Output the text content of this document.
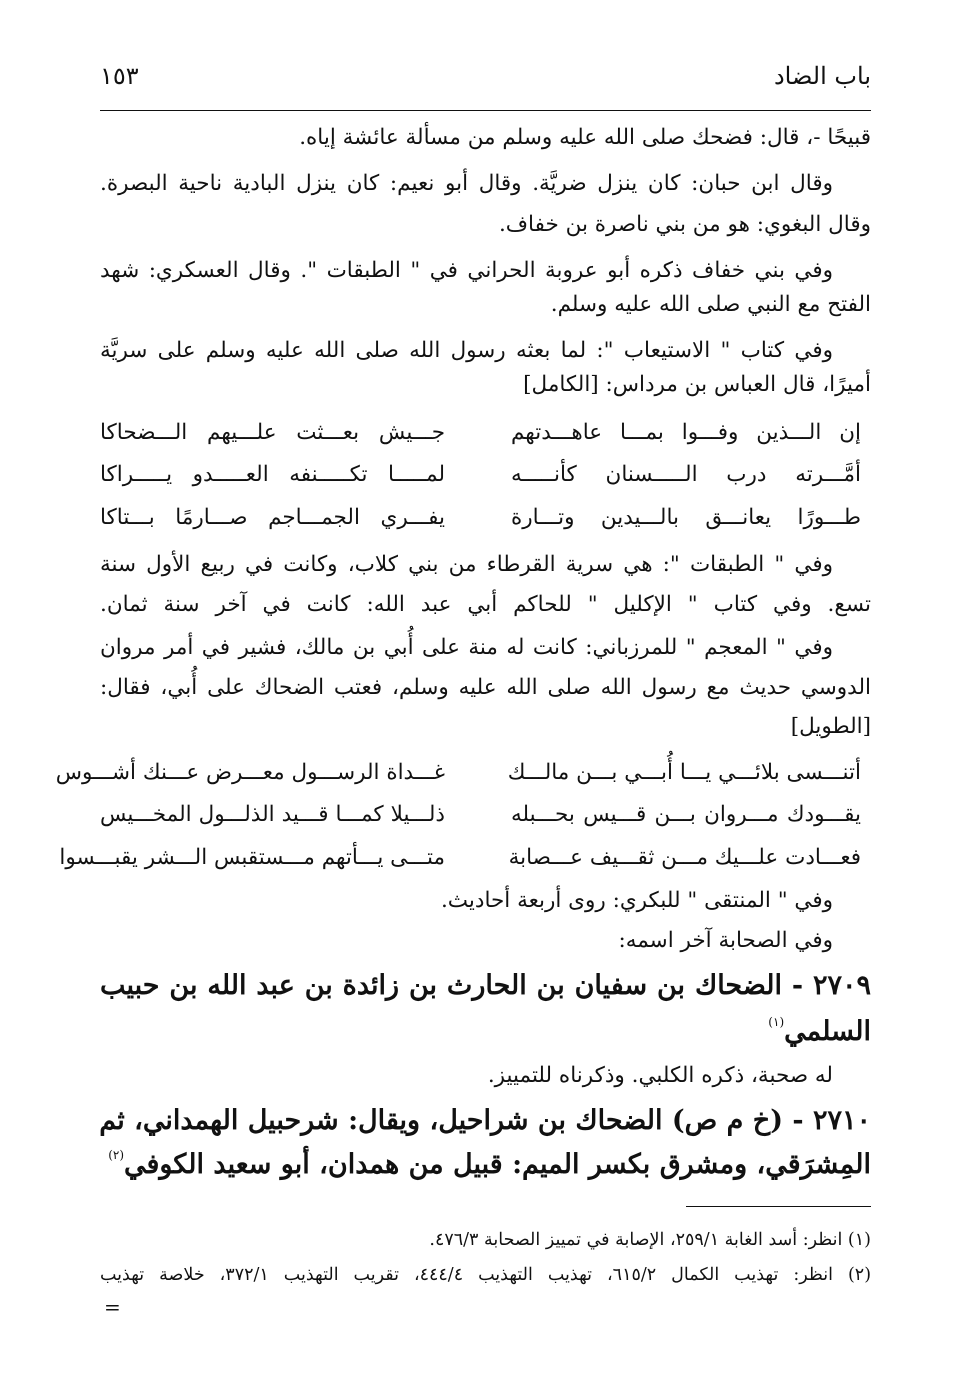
باب الضاد
١٥٣
قبيحًا -، قال: فضحك صلى الله عليه وسلم من مسألة عائشة إياه.
وقال ابن حبان: كان ينزل ضريَّة. وقال أبو نعيم: كان ينزل البادية ناحية البصرة.
وقال البغوي: هو من بني ناصرة بن خفاف.
وفي بني خفاف ذكره أبو عروبة الحراني في " الطبقات ". وقال العسكري: شهد
الفتح مع النبي صلى الله عليه وسلم.
وفي كتاب " الاستيعاب ": لما بعثه رسول الله صلى الله عليه وسلم على سريَّة
أميرًا، قال العباس بن مرداس: [الكامل]
إن الـــذين وفـــوا بمـــا عاهـــدتهم
جـــيش بعـــثت علـــيهم الـــضحاكا
أمَّـــرته درب الـــــسنان كأنـــــه
لمـــــا تكـــــنفه العـــــدو يـــــراكا
طـــورًا يعانـــق بالـــيدين وتـــارة
يفـــري الجمـــاجم صـــارمًا بـــتاكا
وفي " الطبقات ": هي سرية القرطاء من بني كلاب، وكانت في ربيع الأول سنة
تسع. وفي كتاب " الإكليل " للحاكم أبي عبد الله: كانت في آخر سنة ثمان.
وفي " المعجم " للمرزباني: كانت له منة على أُبي بن مالك، فشير في أمر مروان
الدوسي حديث مع رسول الله صلى الله عليه وسلم، فعتب الضحاك على أُبي، فقال:
[الطويل]
أتنـــسى بلائـــي يـــا أُبـــي بـــن مالـــك
غـــداة الرســـول معـــرض عـــنك أشـــوس
يقـــودك مـــروان بـــن قـــيس بحـــبله
ذلـــيلا كمـــا قـــيد الذلـــول المخـــيس
فعـــادت علـــيك مـــن ثقـــيف عـــصابة
متـــى يـــأتهم مـــستقبس الـــشر يقبـــسوا
وفي " المنتقى " للبكري: روى أربعة أحاديث.
وفي الصحابة آخر اسمه:
٢٧٠٩ - الضحاك بن سفيان بن الحارث بن زائدة بن عبد الله بن حبيب
السلمي$^{(١)}$
له صحبة، ذكره الكلبي. وذكرناه للتمييز.
٢٧١٠ - (خ م ص) الضحاك بن شراحيل، ويقال: شرحبيل الهمداني، ثم
المِشرَقي، ومشرق بكسر الميم: قبيل من همدان، أبو سعيد الكوفي$^{(٢)}$
(١) انظر: أسد الغابة ٢٥٩/١، الإصابة في تمييز الصحابة ٤٧٦/٣.
(٢) انظر: تهذيب الكمال ٦١٥/٢، تهذيب التهذيب ٤٤٤/٤، تقريب التهذيب ٣٧٢/١، خلاصة تهذيب
=
